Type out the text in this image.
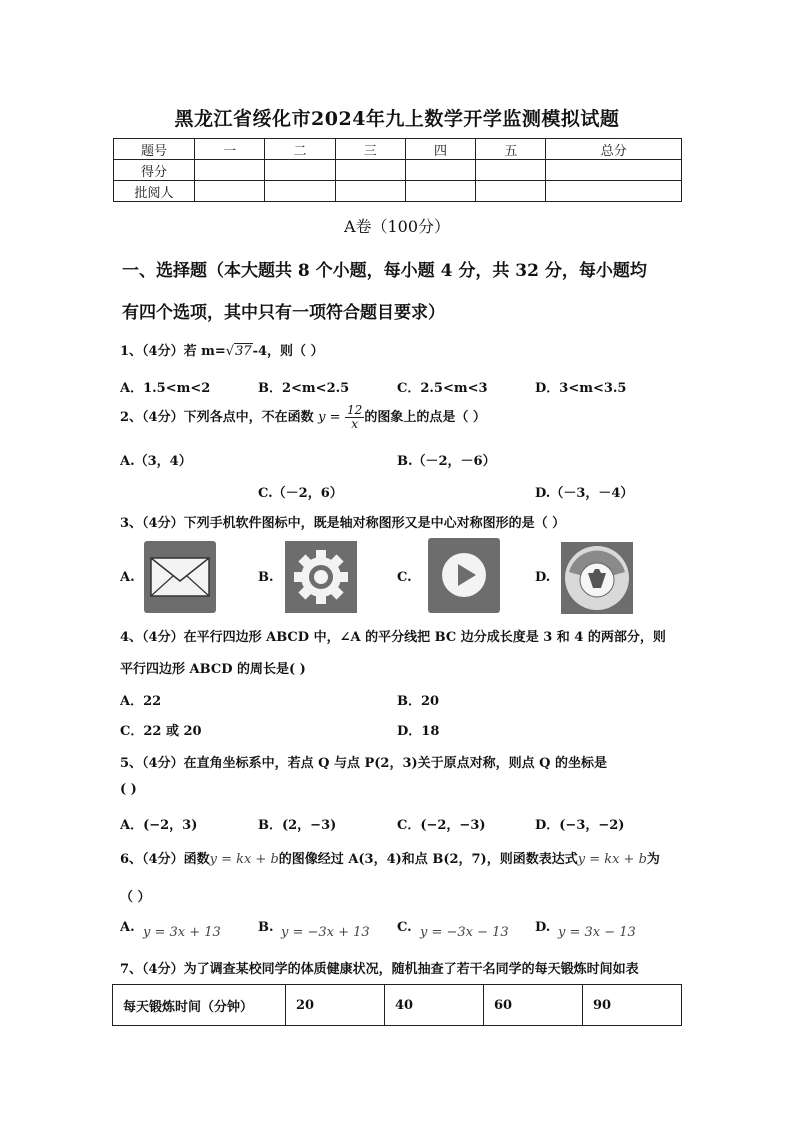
黑龙江省绥化市2024年九上数学开学监测模拟试题
题号	一	二	三	四	五	总分
得分						
批阅人						
A卷（100分）
一、选择题（本大题共 8 个小题，每小题 4 分，共 32 分，每小题均
有四个选项，其中只有一项符合题目要求）
1、（4分）若 m=√37-4，则（ ）
A．1.5<m<2	B．2<m<2.5	C．2.5<m<3	D．3<m<3.5
2、（4分）下列各点中，不在函数 $y = \frac{12}{x}$ 的图象上的点是（ ）
A.（3，4）	B.（－2，－6）
C.（－2，6）	D.（－3，－4）
3、（4分）下列手机软件图标中，既是轴对称图形又是中心对称图形的是（ ）
A.	B.	C.	D.
4、（4分）在平行四边形 ABCD 中，∠A 的平分线把 BC 边分成长度是 3 和 4 的两部分，则
平行四边形 ABCD 的周长是( )
A．22	B．20
C．22 或 20	D．18
5、（4分）在直角坐标系中，若点 Q 与点 P(2，3)关于原点对称，则点 Q 的坐标是
( )
A．(−2，3)	B．(2，−3)	C．(−2，−3)	D．(−3，−2)
6、（4分）函数y = kx + b的图像经过 A(3，4)和点 B(2，7)，则函数表达式y = kx + b为
（ ）
A. y = 3x + 13	B. y = −3x + 13 C. y = −3x − 13 D. y = 3x − 13
7、（4分）为了调查某校同学的体质健康状况，随机抽查了若干名同学的每天锻炼时间如表
每天锻炼时间（分钟）	20	40	60	90
